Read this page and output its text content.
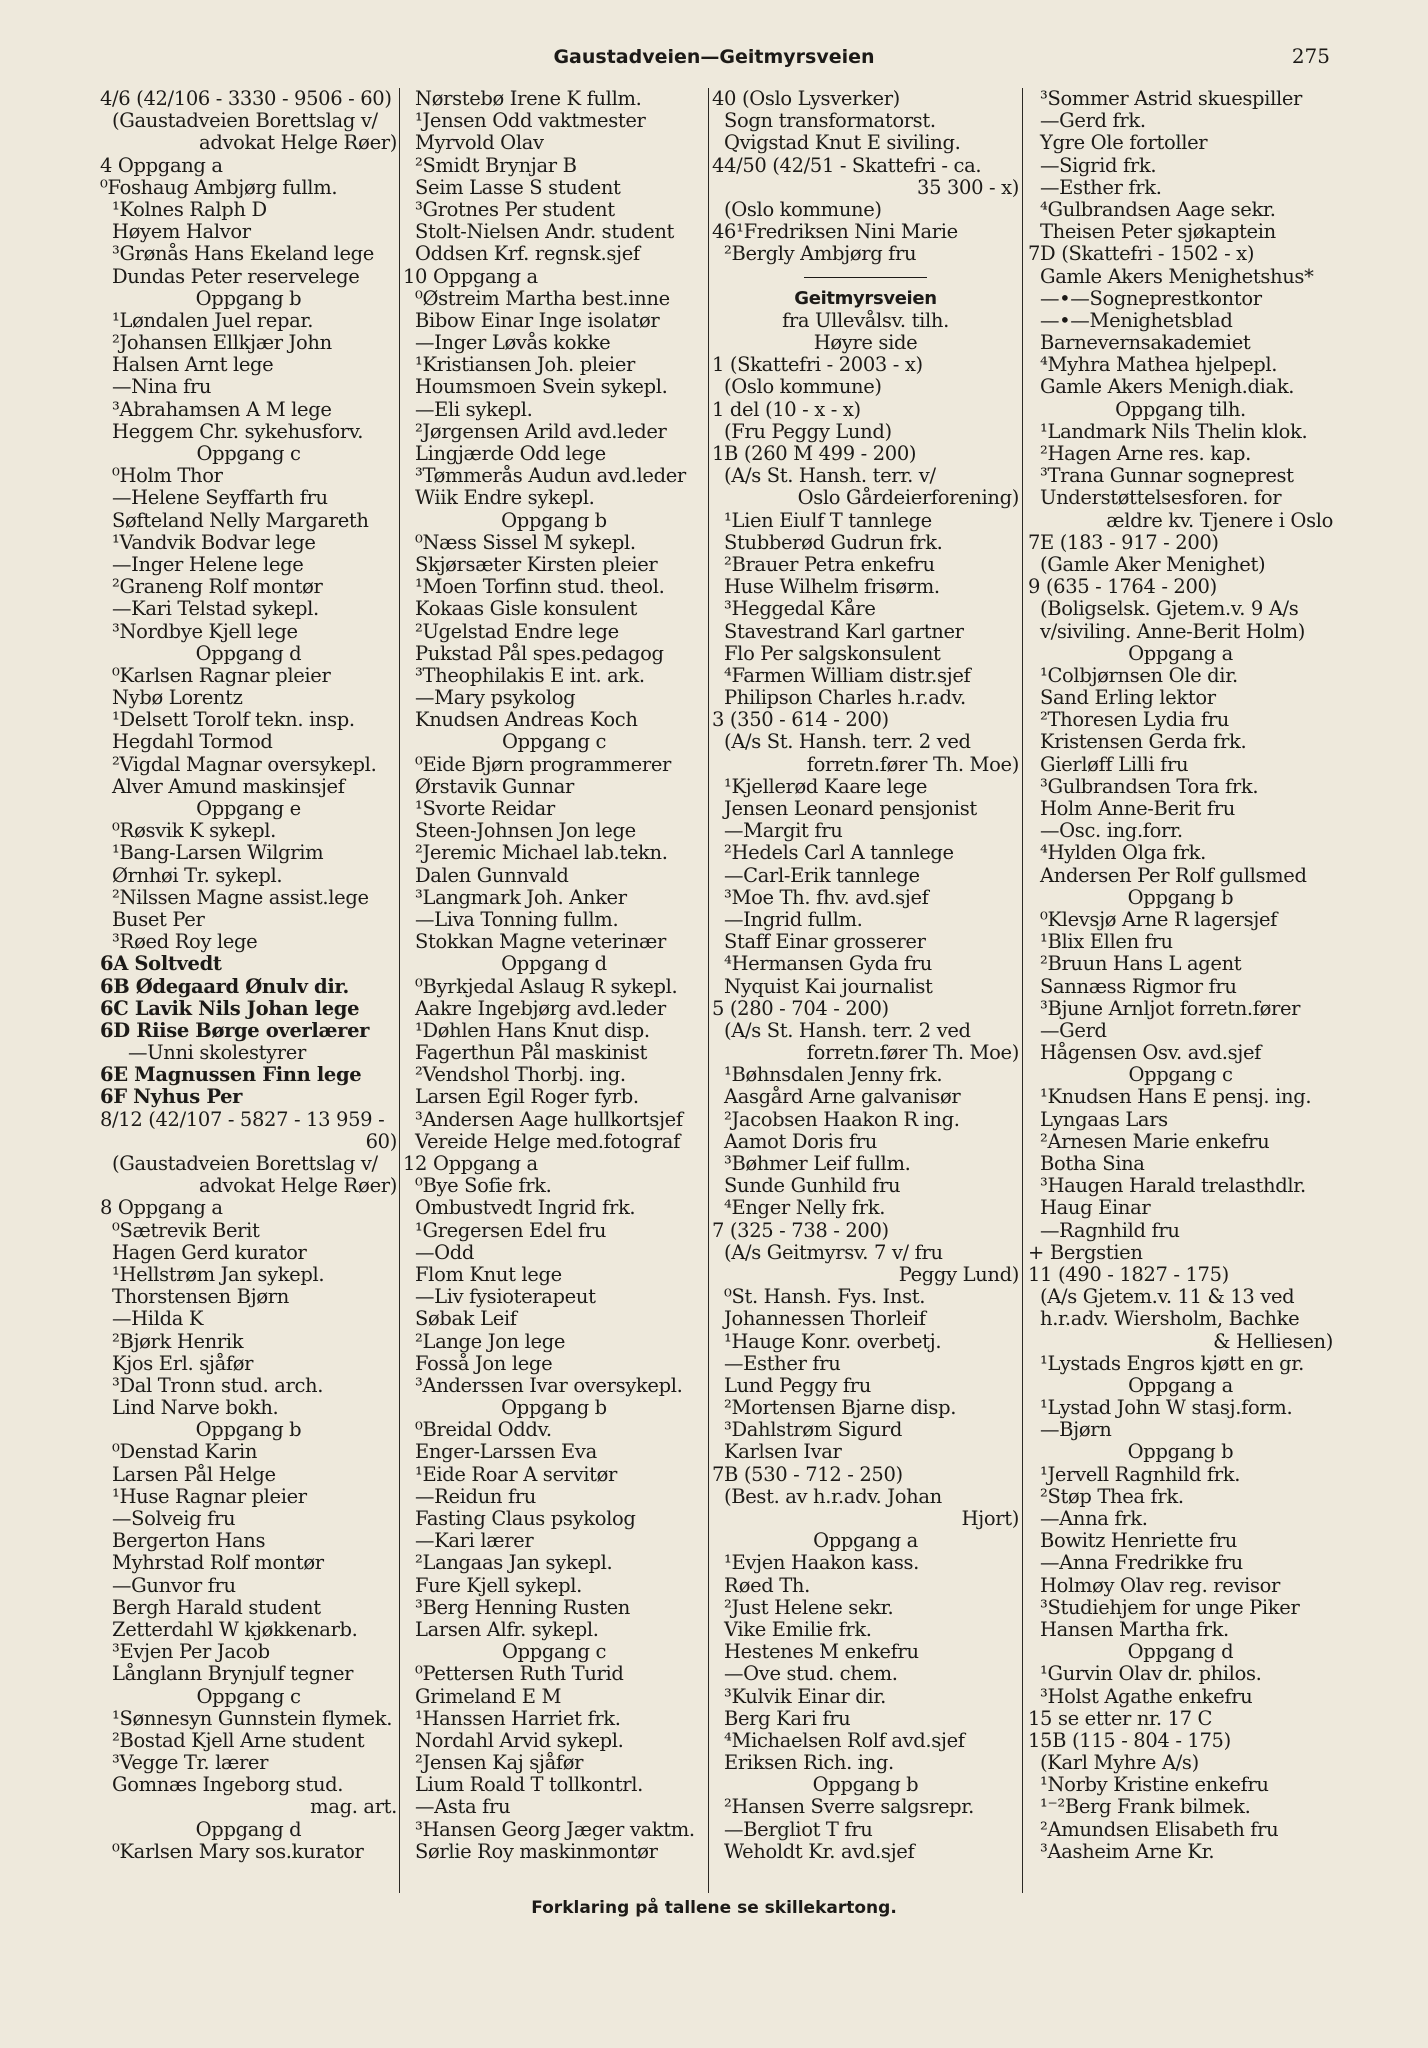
Gaustadveien—Geitmyrsveien	275
4/6 (42/106 - 3330 - 9506 - 60)
(Gaustadveien Borettslag v/
advokat Helge Røer)
4 Oppgang a
⁰Foshaug Ambjørg fullm.
¹Kolnes Ralph D
Høyem Halvor
³Grønås Hans Ekeland lege
Dundas Peter reservelege
Oppgang b
¹Løndalen Juel repar.
²Johansen Ellkjær John
Halsen Arnt lege
—Nina fru
³Abrahamsen A M lege
Heggem Chr. sykehusforv.
Oppgang c
⁰Holm Thor
—Helene Seyffarth fru
Søfteland Nelly Margareth
¹Vandvik Bodvar lege
—Inger Helene lege
²Graneng Rolf montør
—Kari Telstad sykepl.
³Nordbye Kjell lege
Oppgang d
⁰Karlsen Ragnar pleier
Nybø Lorentz
¹Delsett Torolf tekn. insp.
Hegdahl Tormod
²Vigdal Magnar oversykepl.
Alver Amund maskinsjef
Oppgang e
⁰Røsvik K sykepl.
¹Bang-Larsen Wilgrim
Ørnhøi Tr. sykepl.
²Nilssen Magne assist.lege
Buset Per
³Røed Roy lege
6A Soltvedt
6B Ødegaard Ønulv dir.
6C Lavik Nils Johan lege
6D Riise Børge overlærer
—Unni skolestyrer
6E Magnussen Finn lege
6F Nyhus Per
8/12 (42/107 - 5827 - 13 959 -
60)
(Gaustadveien Borettslag v/
advokat Helge Røer)
8 Oppgang a
⁰Sætrevik Berit
Hagen Gerd kurator
¹Hellstrøm Jan sykepl.
Thorstensen Bjørn
—Hilda K
²Bjørk Henrik
Kjos Erl. sjåfør
³Dal Tronn stud. arch.
Lind Narve bokh.
Oppgang b
⁰Denstad Karin
Larsen Pål Helge
¹Huse Ragnar pleier
—Solveig fru
Bergerton Hans
Myhrstad Rolf montør
—Gunvor fru
Bergh Harald student
Zetterdahl W kjøkkenarb.
³Evjen Per Jacob
Långlann Brynjulf tegner
Oppgang c
¹Sønnesyn Gunnstein flymek.
²Bostad Kjell Arne student
³Vegge Tr. lærer
Gomnæs Ingeborg stud.
mag. art.
Oppgang d
⁰Karlsen Mary sos.kurator
Nørstebø Irene K fullm.
¹Jensen Odd vaktmester
Myrvold Olav
²Smidt Brynjar B
Seim Lasse S student
³Grotnes Per student
Stolt-Nielsen Andr. student
Oddsen Krf. regnsk.sjef
10 Oppgang a
⁰Østreim Martha best.inne
Bibow Einar Inge isolatør
—Inger Løvås kokke
¹Kristiansen Joh. pleier
Houmsmoen Svein sykepl.
—Eli sykepl.
²Jørgensen Arild avd.leder
Lingjærde Odd lege
³Tømmerås Audun avd.leder
Wiik Endre sykepl.
Oppgang b
⁰Næss Sissel M sykepl.
Skjørsæter Kirsten pleier
¹Moen Torfinn stud. theol.
Kokaas Gisle konsulent
²Ugelstad Endre lege
Pukstad Pål spes.pedagog
³Theophilakis E int. ark.
—Mary psykolog
Knudsen Andreas Koch
Oppgang c
⁰Eide Bjørn programmerer
Ørstavik Gunnar
¹Svorte Reidar
Steen-Johnsen Jon lege
²Jeremic Michael lab.tekn.
Dalen Gunnvald
³Langmark Joh. Anker
—Liva Tonning fullm.
Stokkan Magne veterinær
Oppgang d
⁰Byrkjedal Aslaug R sykepl.
Aakre Ingebjørg avd.leder
¹Døhlen Hans Knut disp.
Fagerthun Pål maskinist
²Vendshol Thorbj. ing.
Larsen Egil Roger fyrb.
³Andersen Aage hullkortsjef
Vereide Helge med.fotograf
12 Oppgang a
⁰Bye Sofie frk.
Ombustvedt Ingrid frk.
¹Gregersen Edel fru
—Odd
Flom Knut lege
—Liv fysioterapeut
Søbak Leif
²Lange Jon lege
Fosså Jon lege
³Anderssen Ivar oversykepl.
Oppgang b
⁰Breidal Oddv.
Enger-Larssen Eva
¹Eide Roar A servitør
—Reidun fru
Fasting Claus psykolog
—Kari lærer
²Langaas Jan sykepl.
Fure Kjell sykepl.
³Berg Henning Rusten
Larsen Alfr. sykepl.
Oppgang c
⁰Pettersen Ruth Turid
Grimeland E M
¹Hanssen Harriet frk.
Nordahl Arvid sykepl.
²Jensen Kaj sjåfør
Lium Roald T tollkontrl.
—Asta fru
³Hansen Georg Jæger vaktm.
Sørlie Roy maskinmontør
40 (Oslo Lysverker)
Sogn transformatorst.
Qvigstad Knut E siviling.
44/50 (42/51 - Skattefri - ca.
35 300 - x)
(Oslo kommune)
46¹Fredriksen Nini Marie
²Bergly Ambjørg fru
Geitmyrsveien
fra Ullevålsv. tilh.
Høyre side
1 (Skattefri - 2003 - x)
(Oslo kommune)
1 del (10 - x - x)
(Fru Peggy Lund)
1B (260 M 499 - 200)
(A/s St. Hansh. terr. v/
Oslo Gårdeierforening)
¹Lien Eiulf T tannlege
Stubberød Gudrun frk.
²Brauer Petra enkefru
Huse Wilhelm frisørm.
³Heggedal Kåre
Stavestrand Karl gartner
Flo Per salgskonsulent
⁴Farmen William distr.sjef
Philipson Charles h.r.adv.
3 (350 - 614 - 200)
(A/s St. Hansh. terr. 2 ved
forretn.fører Th. Moe)
¹Kjellerød Kaare lege
Jensen Leonard pensjonist
—Margit fru
²Hedels Carl A tannlege
—Carl-Erik tannlege
³Moe Th. fhv. avd.sjef
—Ingrid fullm.
Staff Einar grosserer
⁴Hermansen Gyda fru
Nyquist Kai journalist
5 (280 - 704 - 200)
(A/s St. Hansh. terr. 2 ved
forretn.fører Th. Moe)
¹Bøhnsdalen Jenny frk.
Aasgård Arne galvanisør
²Jacobsen Haakon R ing.
Aamot Doris fru
³Bøhmer Leif fullm.
Sunde Gunhild fru
⁴Enger Nelly frk.
7 (325 - 738 - 200)
(A/s Geitmyrsv. 7 v/ fru
Peggy Lund)
⁰St. Hansh. Fys. Inst.
Johannessen Thorleif
¹Hauge Konr. overbetj.
—Esther fru
Lund Peggy fru
²Mortensen Bjarne disp.
³Dahlstrøm Sigurd
Karlsen Ivar
7B (530 - 712 - 250)
(Best. av h.r.adv. Johan
Hjort)
Oppgang a
¹Evjen Haakon kass.
Røed Th.
²Just Helene sekr.
Vike Emilie frk.
Hestenes M enkefru
—Ove stud. chem.
³Kulvik Einar dir.
Berg Kari fru
⁴Michaelsen Rolf avd.sjef
Eriksen Rich. ing.
Oppgang b
²Hansen Sverre salgsrepr.
—Bergliot T fru
Weholdt Kr. avd.sjef
³Sommer Astrid skuespiller
—Gerd frk.
Ygre Ole fortoller
—Sigrid frk.
—Esther frk.
⁴Gulbrandsen Aage sekr.
Theisen Peter sjøkaptein
7D (Skattefri - 1502 - x)
Gamle Akers Menighetshus*
—•—Sogneprestkontor
—•—Menighetsblad
Barnevernsakademiet
⁴Myhra Mathea hjelpepl.
Gamle Akers Menigh.diak.
Oppgang tilh.
¹Landmark Nils Thelin klok.
²Hagen Arne res. kap.
³Trana Gunnar sogneprest
Understøttelsesforen. for
ældre kv. Tjenere i Oslo
7E (183 - 917 - 200)
(Gamle Aker Menighet)
9 (635 - 1764 - 200)
(Boligselsk. Gjetem.v. 9 A/s
v/siviling. Anne-Berit Holm)
Oppgang a
¹Colbjørnsen Ole dir.
Sand Erling lektor
²Thoresen Lydia fru
Kristensen Gerda frk.
Gierløff Lilli fru
³Gulbrandsen Tora frk.
Holm Anne-Berit fru
—Osc. ing.forr.
⁴Hylden Olga frk.
Andersen Per Rolf gullsmed
Oppgang b
⁰Klevsjø Arne R lagersjef
¹Blix Ellen fru
²Bruun Hans L agent
Sannæss Rigmor fru
³Bjune Arnljot forretn.fører
—Gerd
Hågensen Osv. avd.sjef
Oppgang c
¹Knudsen Hans E pensj. ing.
Lyngaas Lars
²Arnesen Marie enkefru
Botha Sina
³Haugen Harald trelasthdlr.
Haug Einar
—Ragnhild fru
+ Bergstien
11 (490 - 1827 - 175)
(A/s Gjetem.v. 11 & 13 ved
h.r.adv. Wiersholm, Bachke
& Helliesen)
¹Lystads Engros kjøtt en gr.
Oppgang a
¹Lystad John W stasj.form.
—Bjørn
Oppgang b
¹Jervell Ragnhild frk.
²Støp Thea frk.
—Anna frk.
Bowitz Henriette fru
—Anna Fredrikke fru
Holmøy Olav reg. revisor
³Studiehjem for unge Piker
Hansen Martha frk.
Oppgang d
¹Gurvin Olav dr. philos.
³Holst Agathe enkefru
15 se etter nr. 17 C
15B (115 - 804 - 175)
(Karl Myhre A/s)
¹Norby Kristine enkefru
¹⁻²Berg Frank bilmek.
²Amundsen Elisabeth fru
³Aasheim Arne Kr.
Forklaring på tallene se skillekartong.
